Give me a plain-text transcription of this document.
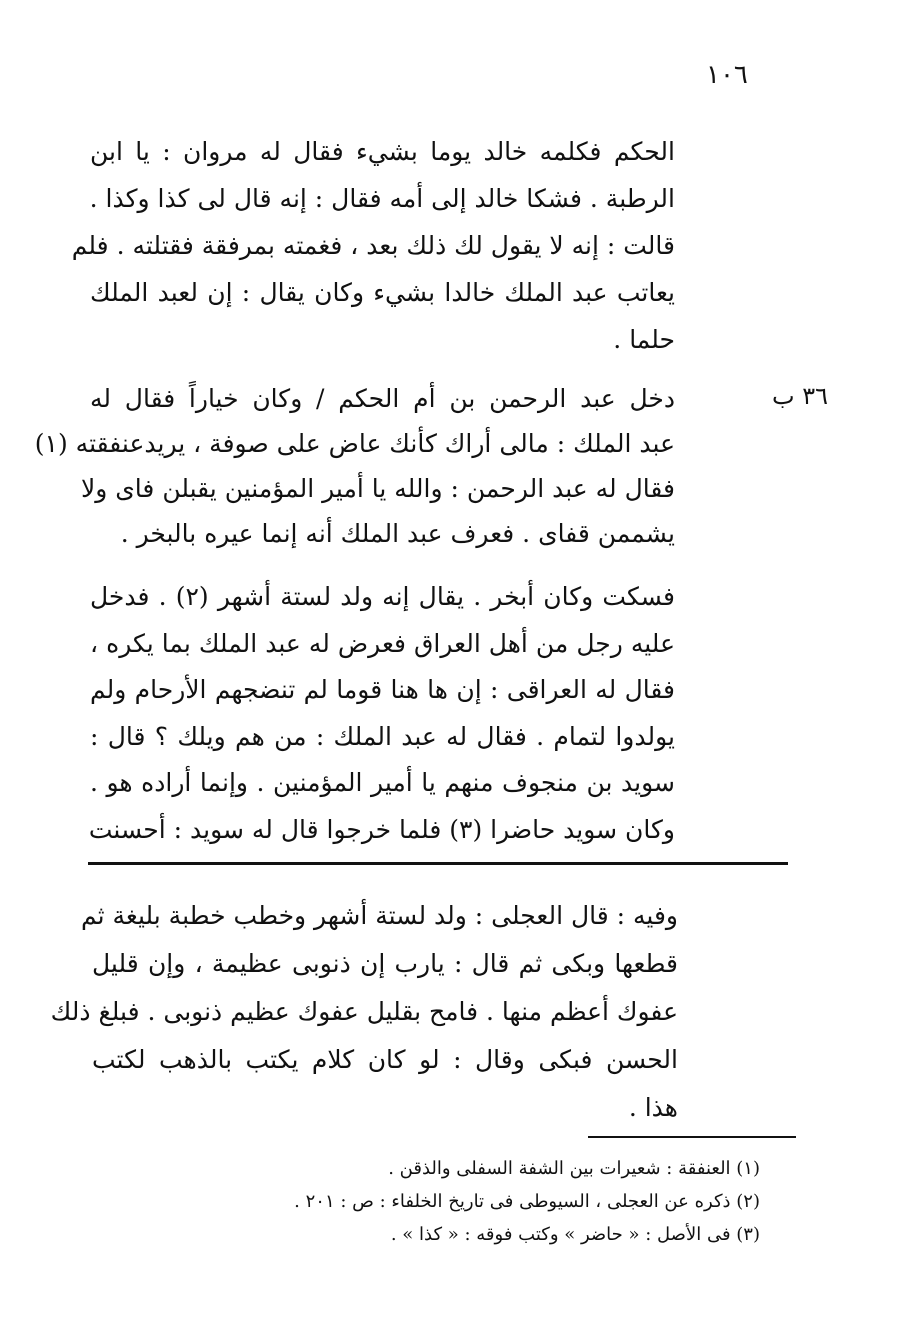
١٠٦
٣٦ ب
الحكم فكلمه خالد يوما بشيء فقال له مروان : يا ابن
الرطبة . فشكا خالد إلى أمه فقال : إنه قال لى كذا وكذا .
قالت : إنه لا يقول لك ذلك بعد ، فغمته بمرفقة فقتلته . فلم
يعاتب عبد الملك خالدا بشيء وكان يقال : إن لعبد الملك
حلما .
دخل عبد الرحمن بن أم الحكم / وكان خياراً فقال له
عبد الملك : مالى أراك كأنك عاض على صوفة ، يريدعنفقته (١)
فقال له عبد الرحمن : والله يا أمير المؤمنين يقبلن فاى ولا
يشممن قفاى . فعرف عبد الملك أنه إنما عيره بالبخر .
فسكت وكان أبخر . يقال إنه ولد لستة أشهر (٢) . فدخل
عليه رجل من أهل العراق فعرض له عبد الملك بما يكره ،
فقال له العراقى : إن ها هنا قوما لم تنضجهم الأرحام ولم
يولدوا لتمام . فقال له عبد الملك : من هم ويلك ؟ قال :
سويد بن منجوف منهم يا أمير المؤمنين . وإنما أراده هو .
وكان سويد حاضرا (٣) فلما خرجوا قال له سويد : أحسنت
وفيه : قال العجلى : ولد لستة أشهر وخطب خطبة بليغة ثم
قطعها وبكى ثم قال : يارب إن ذنوبى عظيمة ، وإن قليل
عفوك أعظم منها . فامح بقليل عفوك عظيم ذنوبى . فبلغ ذلك
الحسن فبكى وقال : لو كان كلام يكتب بالذهب لكتب
هذا .
(١) العنفقة : شعيرات بين الشفة السفلى والذقن .
(٢) ذكره عن العجلى ، السيوطى فى تاريخ الخلفاء : ص : ٢٠١ .
(٣) فى الأصل : « حاضر » وكتب فوقه : « كذا » .
